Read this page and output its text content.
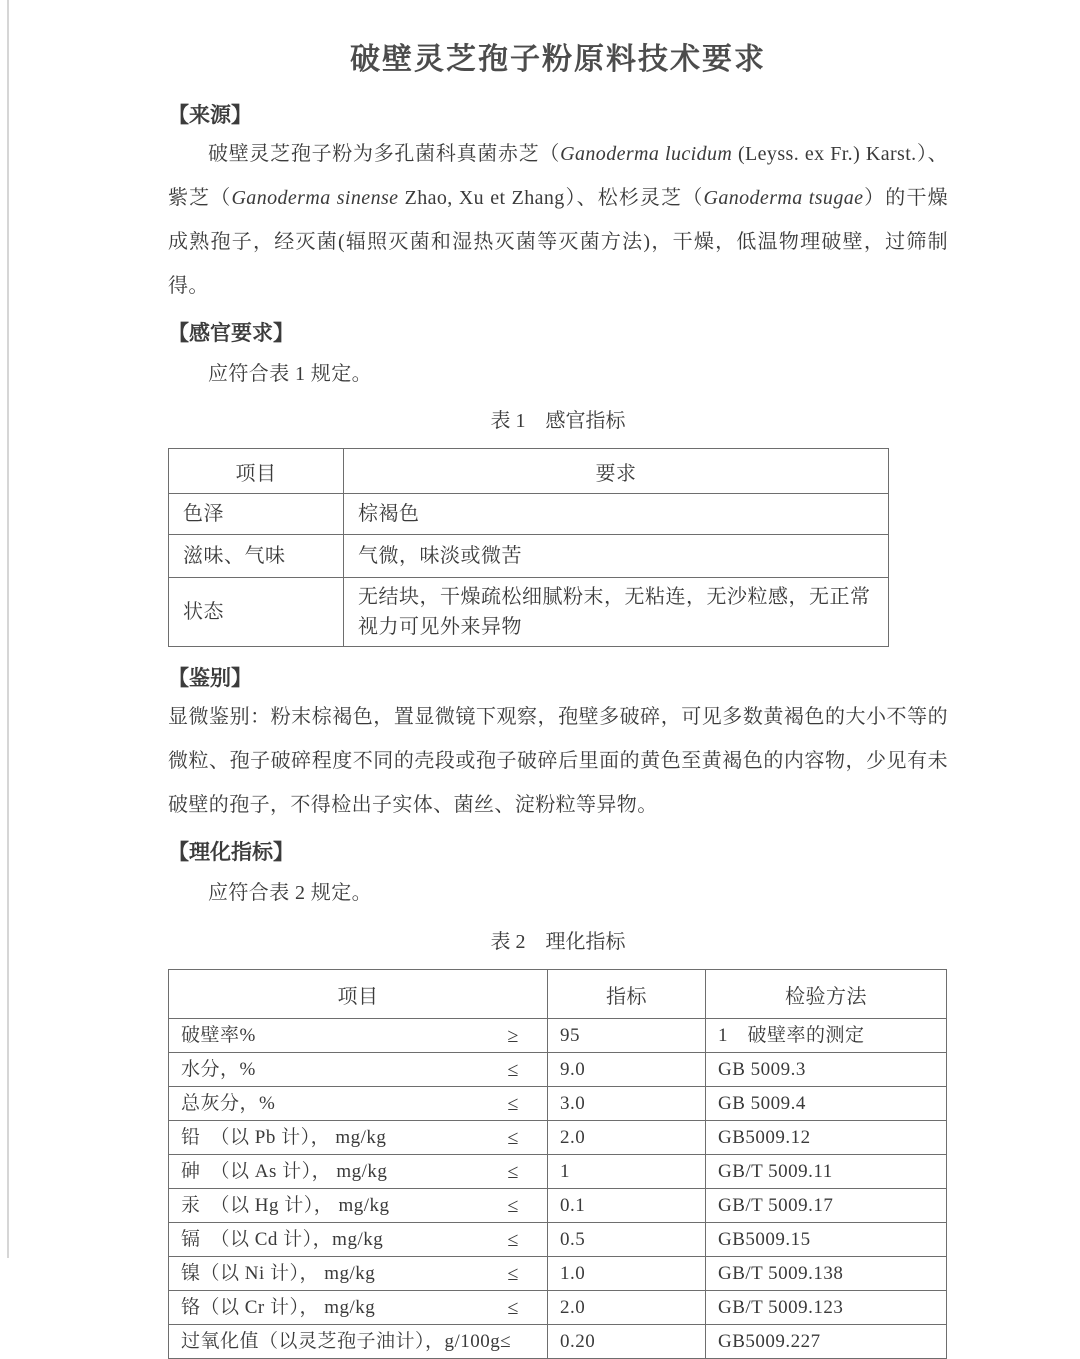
破壁灵芝孢子粉原料技术要求
【来源】

破壁灵芝孢子粉为多孔菌科真菌赤芝（Ganoderma lucidum (Leyss. ex Fr.) Karst.）、紫芝（Ganoderma sinense Zhao, Xu et Zhang）、松杉灵芝（Ganoderma tsugae）的干燥成熟孢子，经灭菌(辐照灭菌和湿热灭菌等灭菌方法)，干燥，低温物理破壁，过筛制得。

【感官要求】

应符合表 1 规定。

表 1　感官指标

项目	要求
色泽	棕褐色
滋味、气味	气微，味淡或微苦
状态	无结块，干燥疏松细腻粉末，无粘连，无沙粒感，无正常视力可见外来异物
【鉴别】

显微鉴别：粉末棕褐色，置显微镜下观察，孢壁多破碎，可见多数黄褐色的大小不等的微粒、孢子破碎程度不同的壳段或孢子破碎后里面的黄色至黄褐色的内容物，少见有未破壁的孢子，不得检出子实体、菌丝、淀粉粒等异物。

【理化指标】

应符合表 2 规定。

表 2　理化指标

项目	指标	检验方法

破壁率% ≥	95	1　破壁率的测定

水分，% ≤	9.0	GB 5009.3

总灰分，% ≤	3.0	GB 5009.4

铅　（以 Pb 计）， mg/kg ≤	2.0	GB5009.12

砷　（以 As 计）， mg/kg ≤	1	GB/T 5009.11

汞　（以 Hg 计）， mg/kg ≤	0.1	GB/T 5009.17

镉　（以 Cd 计），mg/kg ≤	0.5	GB5009.15

镍（以 Ni 计）， mg/kg ≤	1.0	GB/T 5009.138

铬（以 Cr 计）， mg/kg ≤	2.0	GB/T 5009.123

过氧化值（以灵芝孢子油计），g/100g≤	0.20	GB5009.227
